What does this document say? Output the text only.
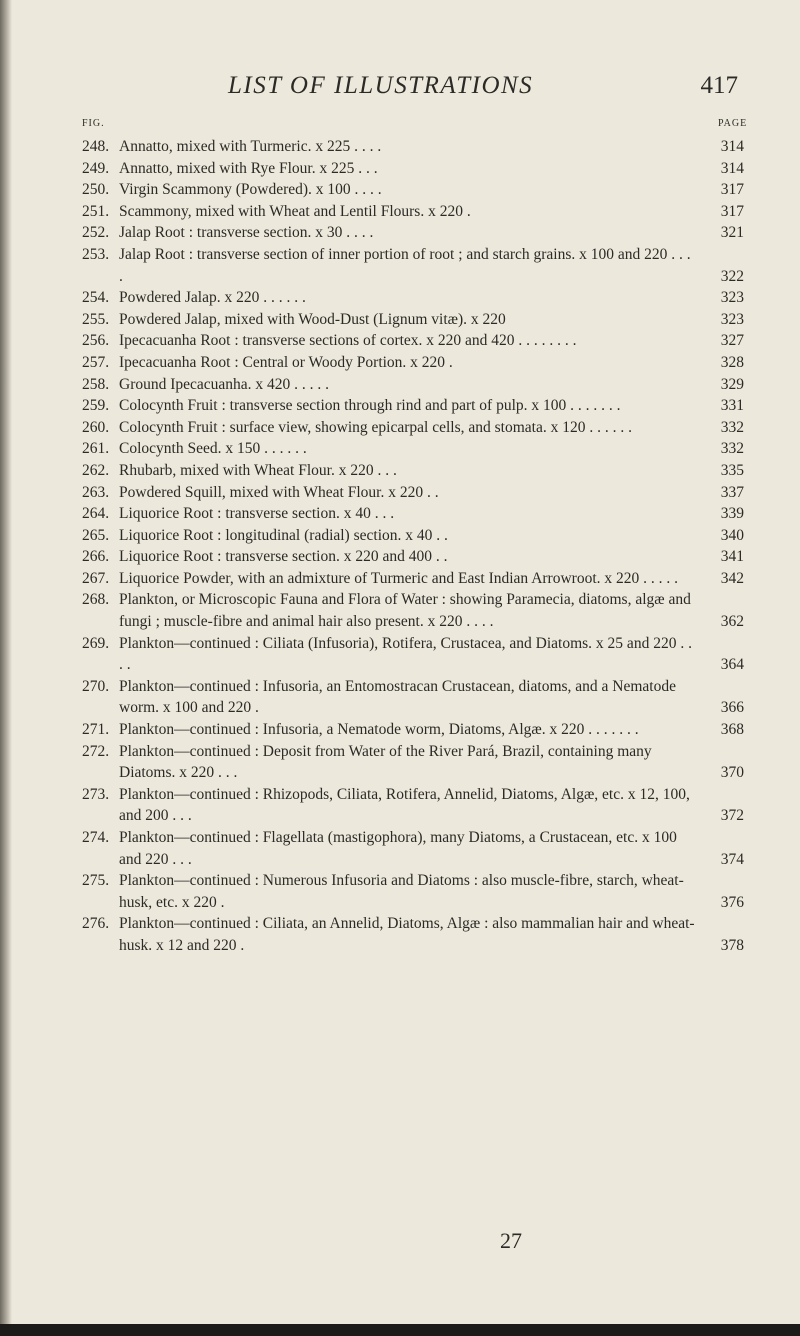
LIST OF ILLUSTRATIONS	417
FIG.	PAGE
248. Annatto, mixed with Turmeric. x 225 . . . .	314
249. Annatto, mixed with Rye Flour. x 225 . . .	314
250. Virgin Scammony (Powdered). x 100 . . . .	317
251. Scammony, mixed with Wheat and Lentil Flours. x 220 .	317
252. Jalap Root : transverse section. x 30 . . . .	321
253. Jalap Root : transverse section of inner portion of root ; and starch grains. x 100 and 220 . . . .	322
254. Powdered Jalap. x 220 . . . . . .	323
255. Powdered Jalap, mixed with Wood-Dust (Lignum vitæ). x 220	323
256. Ipecacuanha Root : transverse sections of cortex. x 220 and 420 . . . . . . . .	327
257. Ipecacuanha Root : Central or Woody Portion. x 220 .	328
258. Ground Ipecacuanha. x 420 . . . . .	329
259. Colocynth Fruit : transverse section through rind and part of pulp. x 100 . . . . . . .	331
260. Colocynth Fruit : surface view, showing epicarpal cells, and stomata. x 120 . . . . . .	332
261. Colocynth Seed. x 150 . . . . . .	332
262. Rhubarb, mixed with Wheat Flour. x 220 . . .	335
263. Powdered Squill, mixed with Wheat Flour. x 220 . .	337
264. Liquorice Root : transverse section. x 40 . . .	339
265. Liquorice Root : longitudinal (radial) section. x 40 . .	340
266. Liquorice Root : transverse section. x 220 and 400 . .	341
267. Liquorice Powder, with an admixture of Turmeric and East Indian Arrowroot. x 220 . . . . .	342
268. Plankton, or Microscopic Fauna and Flora of Water : showing Paramecia, diatoms, algæ and fungi ; muscle-fibre and animal hair also present. x 220 . . . .	362
269. Plankton—continued : Ciliata (Infusoria), Rotifera, Crustacea, and Diatoms. x 25 and 220 . . . .	364
270. Plankton—continued : Infusoria, an Entomostracan Crustacean, diatoms, and a Nematode worm. x 100 and 220 .	366
271. Plankton—continued : Infusoria, a Nematode worm, Diatoms, Algæ. x 220 . . . . . . .	368
272. Plankton—continued : Deposit from Water of the River Pará, Brazil, containing many Diatoms. x 220 . . .	370
273. Plankton—continued : Rhizopods, Ciliata, Rotifera, Annelid, Diatoms, Algæ, etc. x 12, 100, and 200 . . .	372
274. Plankton—continued : Flagellata (mastigophora), many Diatoms, a Crustacean, etc. x 100 and 220 . . .	374
275. Plankton—continued : Numerous Infusoria and Diatoms : also muscle-fibre, starch, wheat-husk, etc. x 220 .	376
276. Plankton—continued : Ciliata, an Annelid, Diatoms, Algæ : also mammalian hair and wheat-husk. x 12 and 220 .	378
27
